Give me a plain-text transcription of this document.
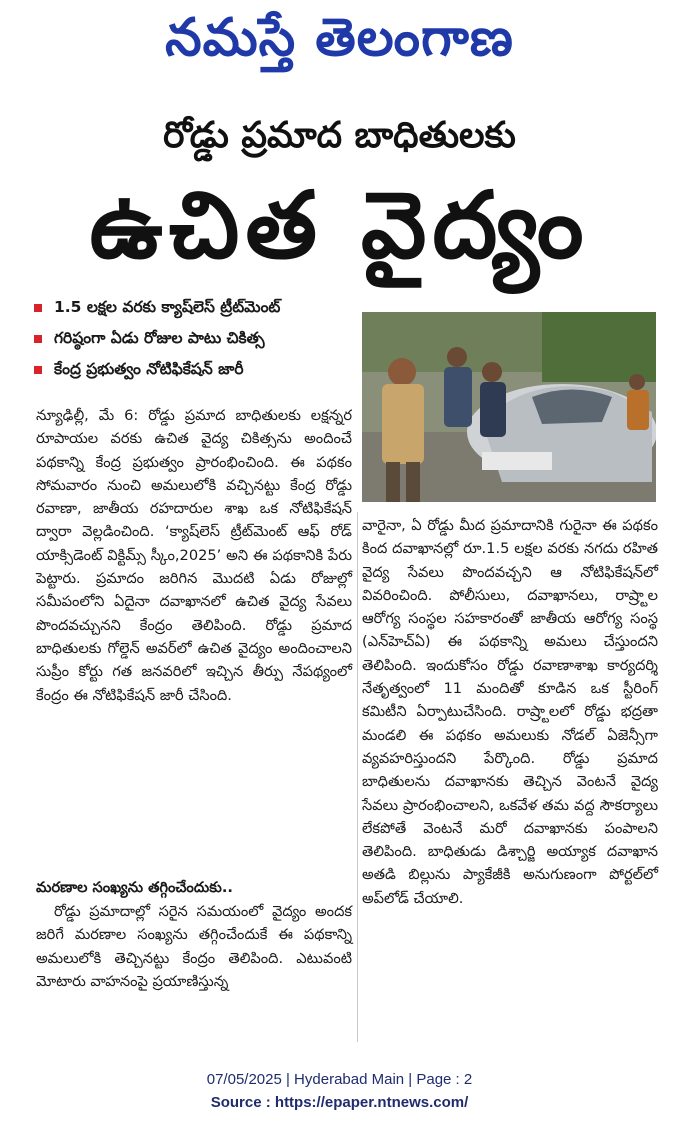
నమస్తే తెలంగాణ
రోడ్డు ప్రమాద బాధితులకు
ఉచిత వైద్యం
1.5 లక్షల వరకు క్యాష్‌లెస్ ట్రీట్‌మెంట్
గరిష్ఠంగా ఏడు రోజుల పాటు చికిత్స
కేంద్ర ప్రభుత్వం నోటిఫికేషన్ జారీ

న్యూఢిల్లీ, మే 6: రోడ్డు ప్రమాద బాధితులకు లక్షన్నర రూపాయల వరకు ఉచిత వైద్య చికిత్సను అందించే పథకాన్ని కేంద్ర ప్రభుత్వం ప్రారంభించింది. ఈ పథకం సోమవారం నుంచి అమలులోకి వచ్చినట్టు కేంద్ర రోడ్డు రవాణా, జాతీయ రహదారుల శాఖ ఒక నోటిఫికేషన్ ద్వారా వెల్లడించింది. ‘క్యాష్‌లెస్ ట్రీట్‌మెంట్ ఆఫ్ రోడ్ యాక్సిడెంట్ విక్టిమ్స్ స్కీం,2025’ అని ఈ పథకానికి పేరు పెట్టారు. ప్రమాదం జరిగిన మొదటి ఏడు రోజుల్లో సమీపంలోని ఏదైనా దవాఖానలో ఉచిత వైద్య సేవలు పొందవచ్చునని కేంద్రం తెలిపింది. రోడ్డు ప్రమాద బాధితులకు గోల్డెన్ అవర్‌లో ఉచిత వైద్యం అందించాలని సుప్రీం కోర్టు గత జనవరిలో ఇచ్చిన తీర్పు నేపథ్యంలో కేంద్రం ఈ నోటిఫికేషన్ జారీ చేసింది.

మరణాల సంఖ్యను తగ్గించేందుకు..

రోడ్డు ప్రమాదాల్లో సరైన సమయంలో వైద్యం అందక జరిగే మరణాల సంఖ్యను తగ్గించేందుకే ఈ పథకాన్ని అమలులోకి తెచ్చినట్టు కేంద్రం తెలిపింది. ఎటువంటి మోటారు వాహనంపై ప్రయాణిస్తున్న

వారైనా, ఏ రోడ్డు మీద ప్రమాదానికి గురైనా ఈ పథకం కింద దవాఖానల్లో రూ.1.5 లక్షల వరకు నగదు రహిత వైద్య సేవలు పొందవచ్చని ఆ నోటిఫికేషన్‌లో వివరించింది. పోలీసులు, దవాఖానలు, రాష్ర్టాల ఆరోగ్య సంస్థల సహకారంతో జాతీయ ఆరోగ్య సంస్థ (ఎన్‌హెచ్‌ఏ) ఈ పథకాన్ని అమలు చేస్తుందని తెలిపింది. ఇందుకోసం రోడ్డు రవాణాశాఖ కార్యదర్శి నేతృత్వంలో 11 మందితో కూడిన ఒక స్టీరింగ్ కమిటీని ఏర్పాటుచేసింది. రాష్ర్టాలలో రోడ్డు భద్రతా మండలి ఈ పథకం అమలుకు నోడల్ ఏజెన్సీగా వ్యవహరిస్తుందని పేర్కొంది. రోడ్డు ప్రమాద బాధితులను దవాఖానకు తెచ్చిన వెంటనే వైద్య సేవలు ప్రారంభించాలని, ఒకవేళ తమ వద్ద సౌకర్యాలు లేకపోతే వెంటనే మరో దవాఖానకు పంపాలని తెలిపింది. బాధితుడు డిశ్చార్జి అయ్యాక దవాఖాన అతడి బిల్లును ప్యాకేజీకి అనుగుణంగా పోర్టల్‌లో అప్‌లోడ్ చేయాలి.

07/05/2025 | Hyderabad Main | Page : 2
Source : https://epaper.ntnews.com/
